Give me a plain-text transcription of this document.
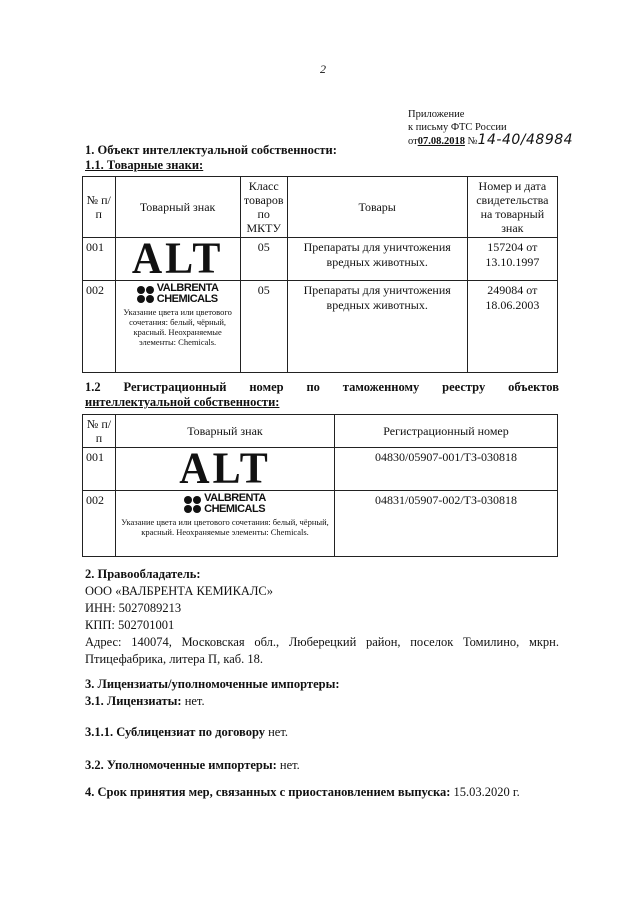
2
Приложение
к письму ФТС России
от07.08.2018 №14-40/48984
1. Объект интеллектуальной собственности:
1.1. Товарные знаки:
№ п/п	Товарный знак	Класс товаров по МКТУ	Товары	Номер и дата свидетельства на товарный знак
001	ALT	05	Препараты для уничтожения вредных животных.	157204 от 13.10.1997
002	VALBRENTA
CHEMICALS
Указание цвета или цветового сочетания: белый, чёрный, красный. Неохраняемые элементы: Chemicals.	05	Препараты для уничтожения вредных животных.	249084 от 18.06.2003
1.2 Регистрационный номер по таможенному реестру объектов
интеллектуальной собственности:
№ п/п	Товарный знак	Регистрационный номер
001	ALT	04830/05907-001/ТЗ-030818
002	VALBRENTA
CHEMICALS
Указание цвета или цветового сочетания: белый, чёрный, красный. Неохраняемые элементы: Chemicals.	04831/05907-002/ТЗ-030818
2. Правообладатель:
ООО «ВАЛБРЕНТА КЕМИКАЛС»
ИНН: 5027089213
КПП: 502701001
Адрес: 140074, Московская обл., Люберецкий район, поселок Томилино, мкрн. Птицефабрика, литера П, каб. 18.
3. Лицензиаты/уполномоченные импортеры:
3.1. Лицензиаты: нет.
3.1.1. Сублицензиат по договору нет.
3.2. Уполномоченные импортеры: нет.
4. Срок принятия мер, связанных с приостановлением выпуска: 15.03.2020 г.
